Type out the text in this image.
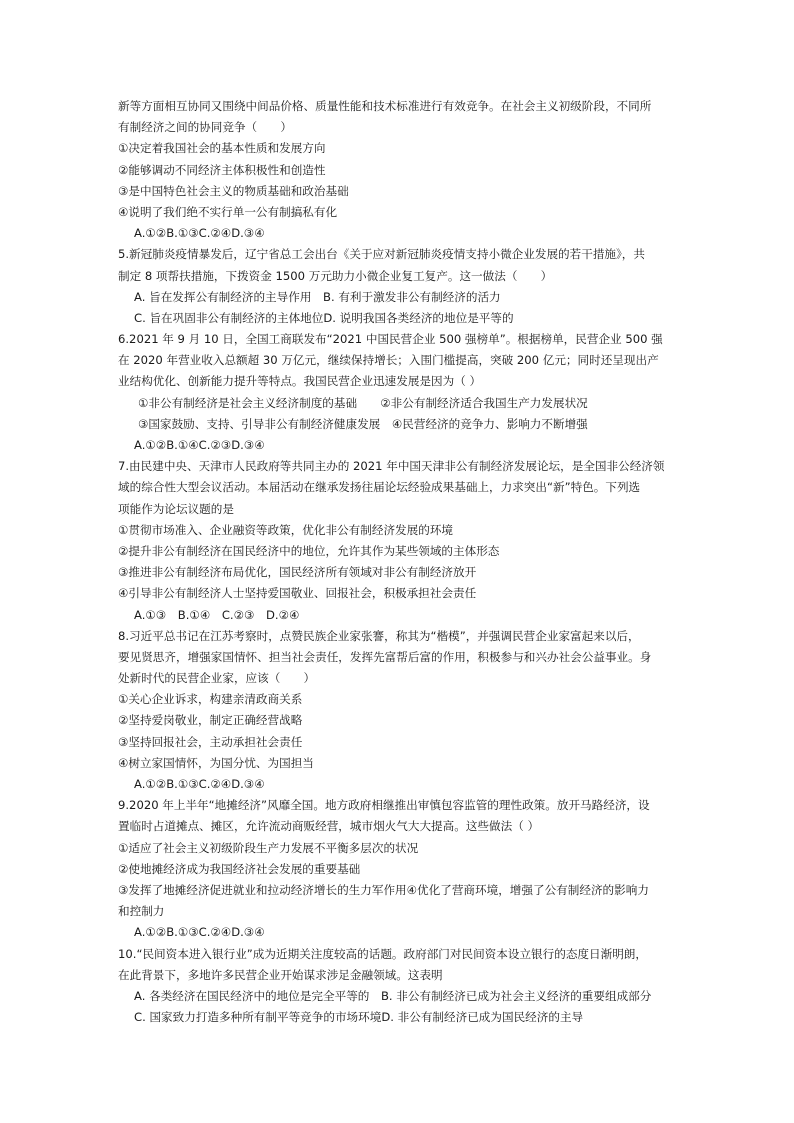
新等方面相互协同又围绕中间品价格、质量性能和技术标准进行有效竞争。在社会主义初级阶段，不同所
有制经济之间的协同竞争（　　）
①决定着我国社会的基本性质和发展方向
②能够调动不同经济主体积极性和创造性
③是中国特色社会主义的物质基础和政治基础
④说明了我们绝不实行单一公有制搞私有化
A.①②B.①③C.②④D.③④
5.新冠肺炎疫情暴发后，辽宁省总工会出台《关于应对新冠肺炎疫情支持小微企业发展的若干措施》，共
制定 8 项帮扶措施，下拨资金 1500 万元助力小微企业复工复产。这一做法（　　）
A. 旨在发挥公有制经济的主导作用　B. 有利于激发非公有制经济的活力
C. 旨在巩固非公有制经济的主体地位D. 说明我国各类经济的地位是平等的
6.2021 年 9 月 10 日，全国工商联发布“2021 中国民营企业 500 强榜单”。根据榜单，民营企业 500 强
在 2020 年营业收入总额超 30 万亿元，继续保持增长；入围门槛提高，突破 200 亿元；同时还呈现出产
业结构优化、创新能力提升等特点。我国民营企业迅速发展是因为（ ）
①非公有制经济是社会主义经济制度的基础　　②非公有制经济适合我国生产力发展状况
③国家鼓励、支持、引导非公有制经济健康发展　④民营经济的竞争力、影响力不断增强
A.①②B.①④C.②③D.③④
7.由民建中央、天津市人民政府等共同主办的 2021 年中国天津非公有制经济发展论坛，是全国非公经济领
域的综合性大型会议活动。本届活动在继承发扬往届论坛经验成果基础上，力求突出“新”特色。下列选
项能作为论坛议题的是
①贯彻市场准入、企业融资等政策，优化非公有制经济发展的环境
②提升非公有制经济在国民经济中的地位，允许其作为某些领域的主体形态
③推进非公有制经济布局优化，国民经济所有领域对非公有制经济放开
④引导非公有制经济人士坚持爱国敬业、回报社会，积极承担社会责任
A.①③　B.①④　C.②③　D.②④
8.习近平总书记在江苏考察时，点赞民族企业家张謇，称其为“楷模”，并强调民营企业家富起来以后，
要见贤思齐，增强家国情怀、担当社会责任，发挥先富帮后富的作用，积极参与和兴办社会公益事业。身
处新时代的民营企业家，应该（　　）
①关心企业诉求，构建亲清政商关系
②坚持爱岗敬业，制定正确经营战略
③坚持回报社会，主动承担社会责任
④树立家国情怀，为国分忧、为国担当
A.①②B.①③C.②④D.③④
9.2020 年上半年“地摊经济”风靡全国。地方政府相继推出审慎包容监管的理性政策。放开马路经济，设
置临时占道摊点、摊区，允许流动商贩经营，城市烟火气大大提高。这些做法（ ）
①适应了社会主义初级阶段生产力发展不平衡多层次的状况
②使地摊经济成为我国经济社会发展的重要基础
③发挥了地摊经济促进就业和拉动经济增长的生力军作用④优化了营商环境，增强了公有制经济的影响力
和控制力
A.①②B.①③C.②④D.③④
10.“民间资本进入银行业”成为近期关注度较高的话题。政府部门对民间资本设立银行的态度日渐明朗，
在此背景下，多地许多民营企业开始谋求涉足金融领域。这表明
A. 各类经济在国民经济中的地位是完全平等的　B. 非公有制经济已成为社会主义经济的重要组成部分
C. 国家致力打造多种所有制平等竞争的市场环境D. 非公有制经济已成为国民经济的主导
